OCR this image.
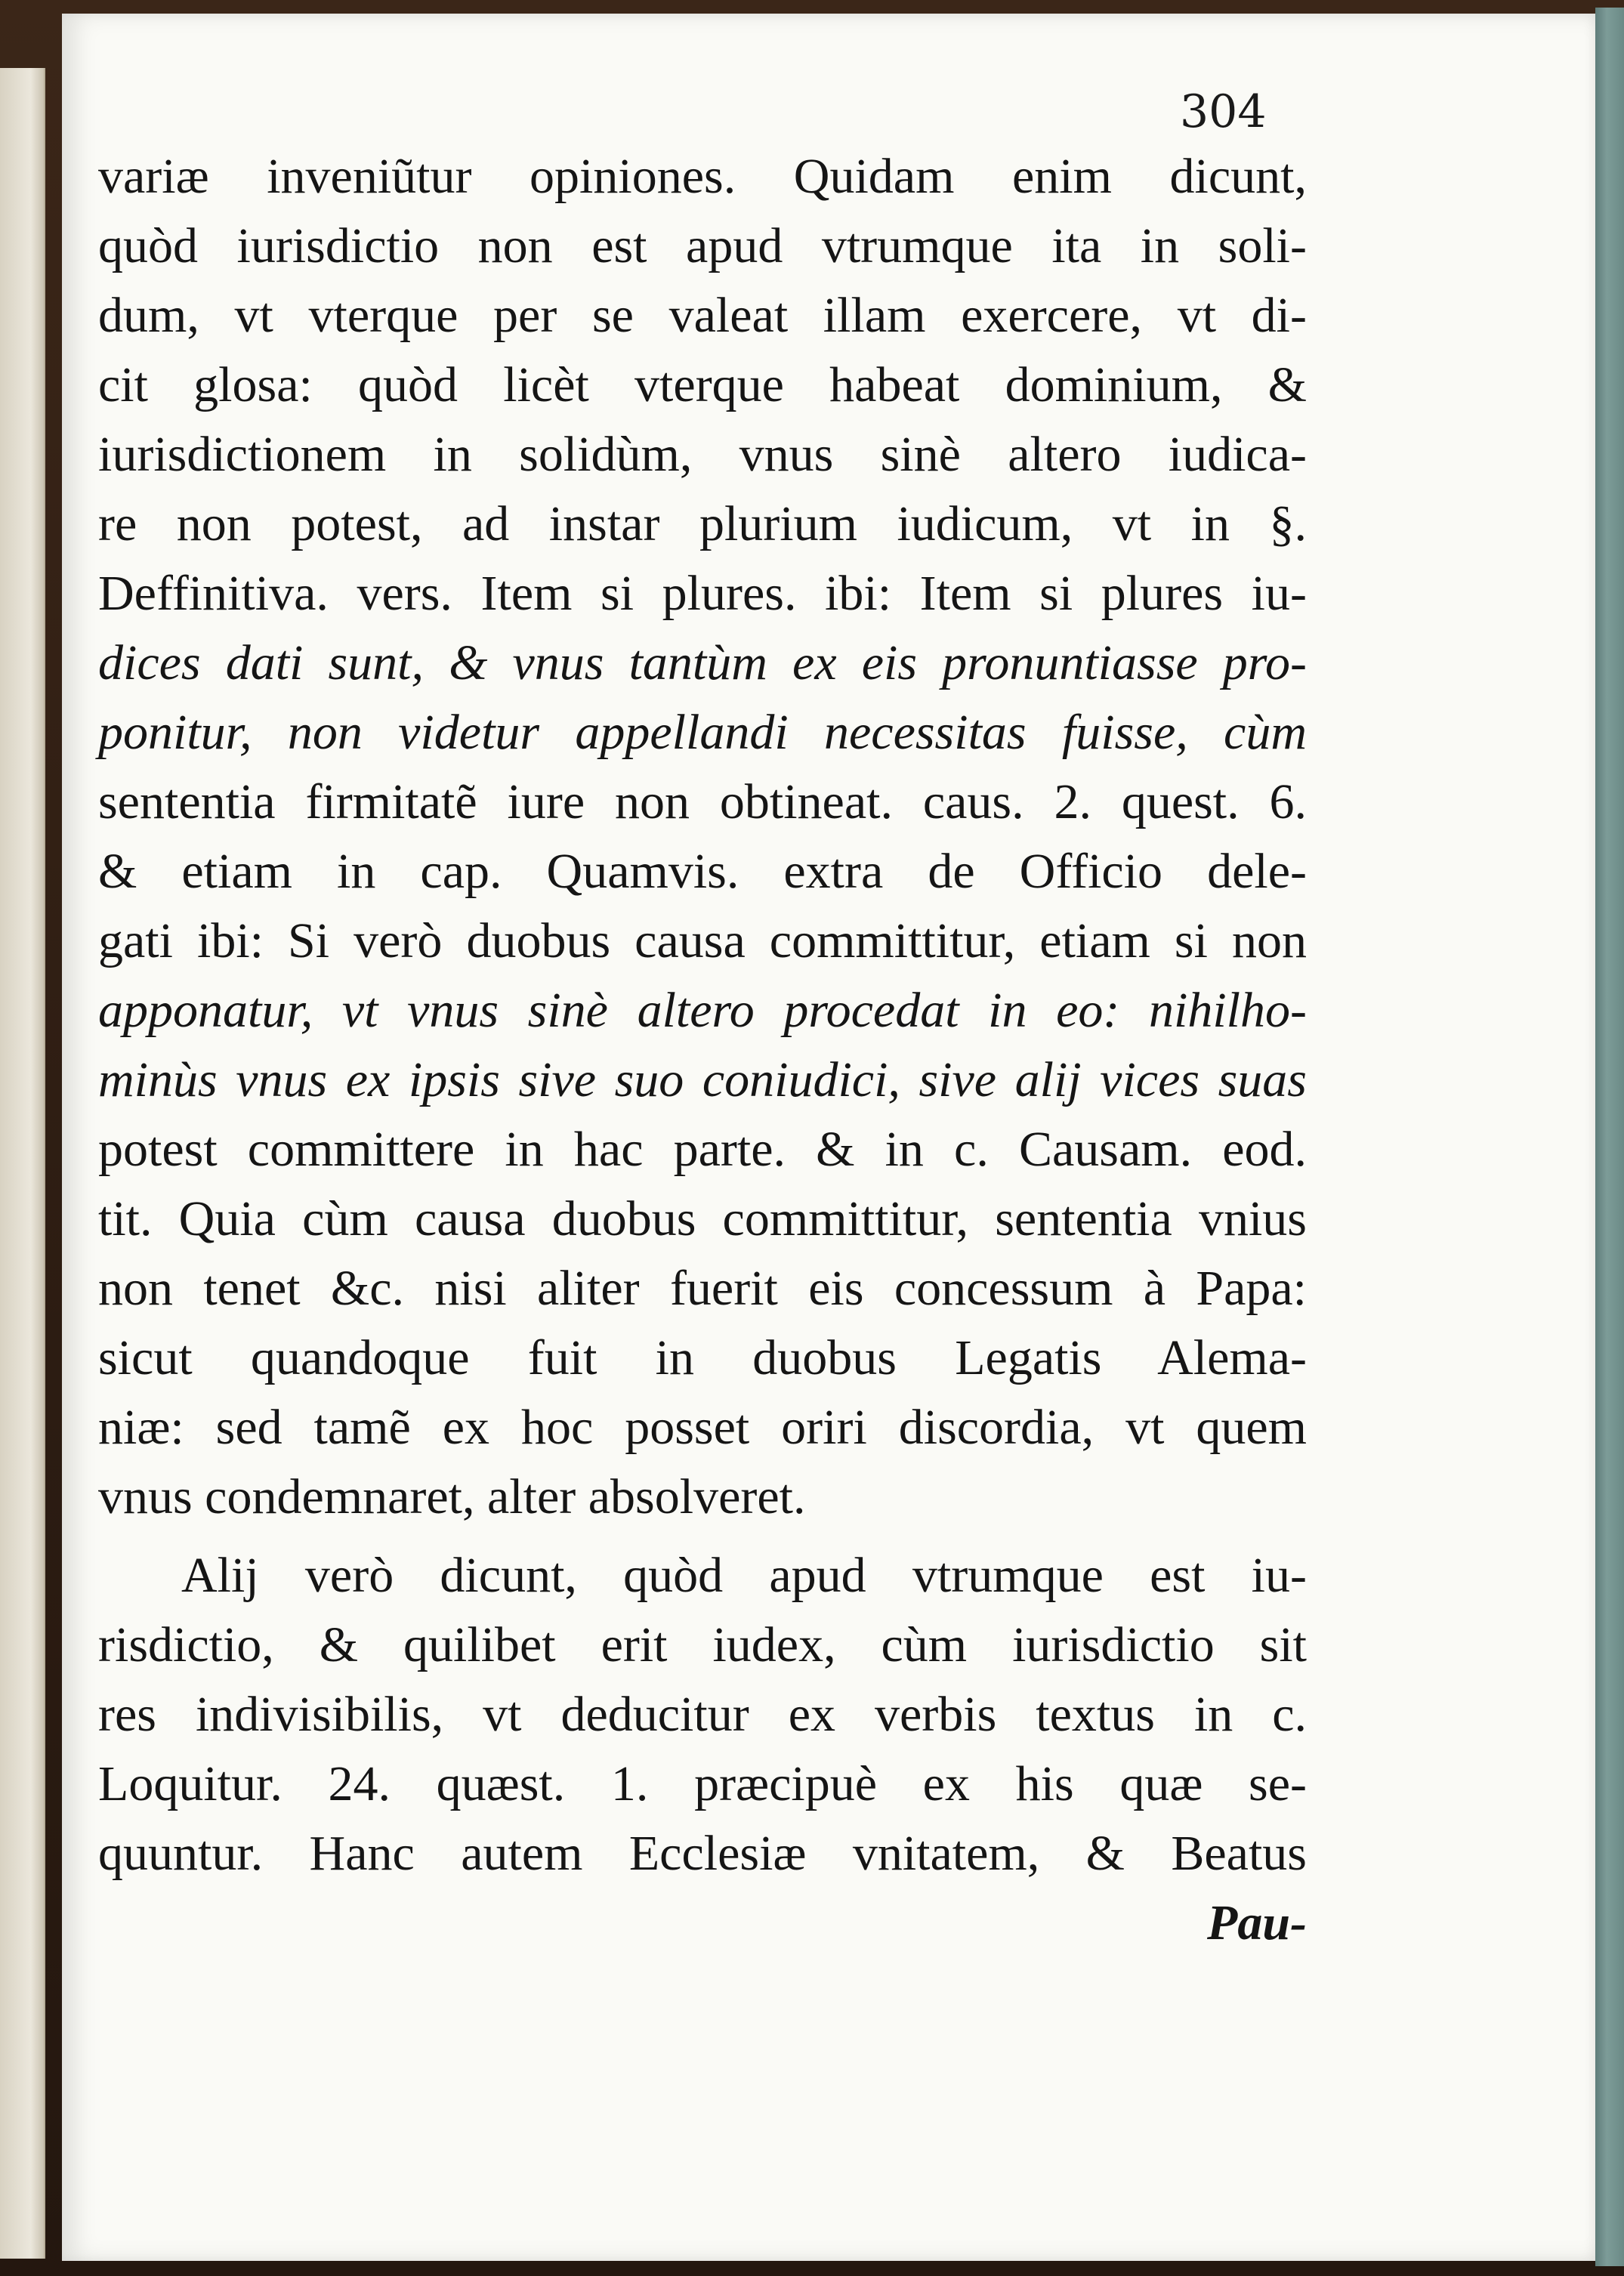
304
variæ inveniũtur opiniones. Quidam enim dicunt,
quòd iurisdictio non est apud vtrumque ita in soli-
dum, vt vterque per se valeat illam exercere, vt di-
cit glosa: quòd licèt vterque habeat dominium, &
iurisdictionem in solidùm, vnus sinè altero iudica-
re non potest, ad instar plurium iudicum, vt in §.
Deffinitiva. vers. Item si plures. ibi: Item si plures iu-
dices dati sunt, & vnus tantùm ex eis pronuntiasse pro-
ponitur, non videtur appellandi necessitas fuisse, cùm
sententia firmitatẽ iure non obtineat. caus. 2. quest. 6.
& etiam in cap. Quamvis. extra de Officio dele-
gati ibi: Si verò duobus causa committitur, etiam si non
apponatur, vt vnus sinè altero procedat in eo: nihilho-
minùs vnus ex ipsis sive suo coniudici, sive alij vices suas
potest committere in hac parte. & in c. Causam. eod.
tit. Quia cùm causa duobus committitur, sententia vnius
non tenet &c. nisi aliter fuerit eis concessum à Papa:
sicut quandoque fuit in duobus Legatis Alema-
niæ: sed tamẽ ex hoc posset oriri discordia, vt quem
vnus condemnaret, alter absolveret.
Alij verò dicunt, quòd apud vtrumque est iu-
risdictio, & quilibet erit iudex, cùm iurisdictio sit
res indivisibilis, vt deducitur ex verbis textus in c.
Loquitur. 24. quæst. 1. præcipuè ex his quæ se-
quuntur. Hanc autem Ecclesiæ vnitatem, & Beatus
Pau-
